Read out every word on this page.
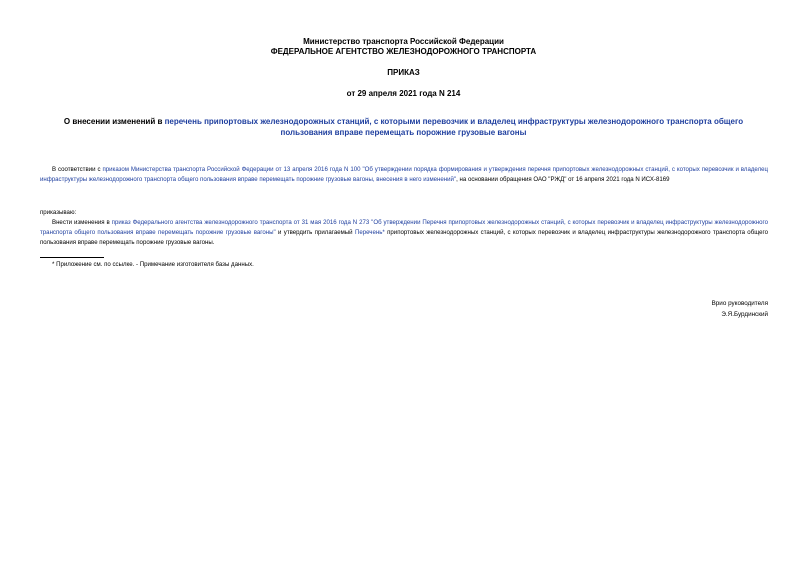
Министерство транспорта Российской Федерации
ФЕДЕРАЛЬНОЕ АГЕНТСТВО ЖЕЛЕЗНОДОРОЖНОГО ТРАНСПОРТА
ПРИКАЗ
от 29 апреля 2021 года N 214
О внесении изменений в перечень припортовых железнодорожных станций, с которыми перевозчик и владелец инфраструктуры железнодорожного транспорта общего пользования вправе перемещать порожние грузовые вагоны
В соответствии с приказом Министерства транспорта Российской Федерации от 13 апреля 2016 года N 100 "Об утверждении порядка формирования и утверждения перечня припортовых железнодорожных станций, с которых перевозчик и владелец инфраструктуры железнодорожного транспорта общего пользования вправе перемещать порожние грузовые вагоны, внесения в него изменений", на основании обращения ОАО "РЖД" от 16 апреля 2021 года N ИСХ-8169
приказываю:
Внести изменения в приказ Федерального агентства железнодорожного транспорта от 31 мая 2016 года N 273 "Об утверждении Перечня припортовых железнодорожных станций, с которых перевозчик и владелец инфраструктуры железнодорожного транспорта общего пользования вправе перемещать порожние грузовые вагоны" и утвердить прилагаемый Перечень* припортовых железнодорожных станций, с которых перевозчик и владелец инфраструктуры железнодорожного транспорта общего пользования вправе перемещать порожние грузовые вагоны.
* Приложение см. по ссылке. - Примечание изготовителя базы данных.
Врио руководителя
Э.Я.Бурдинский
